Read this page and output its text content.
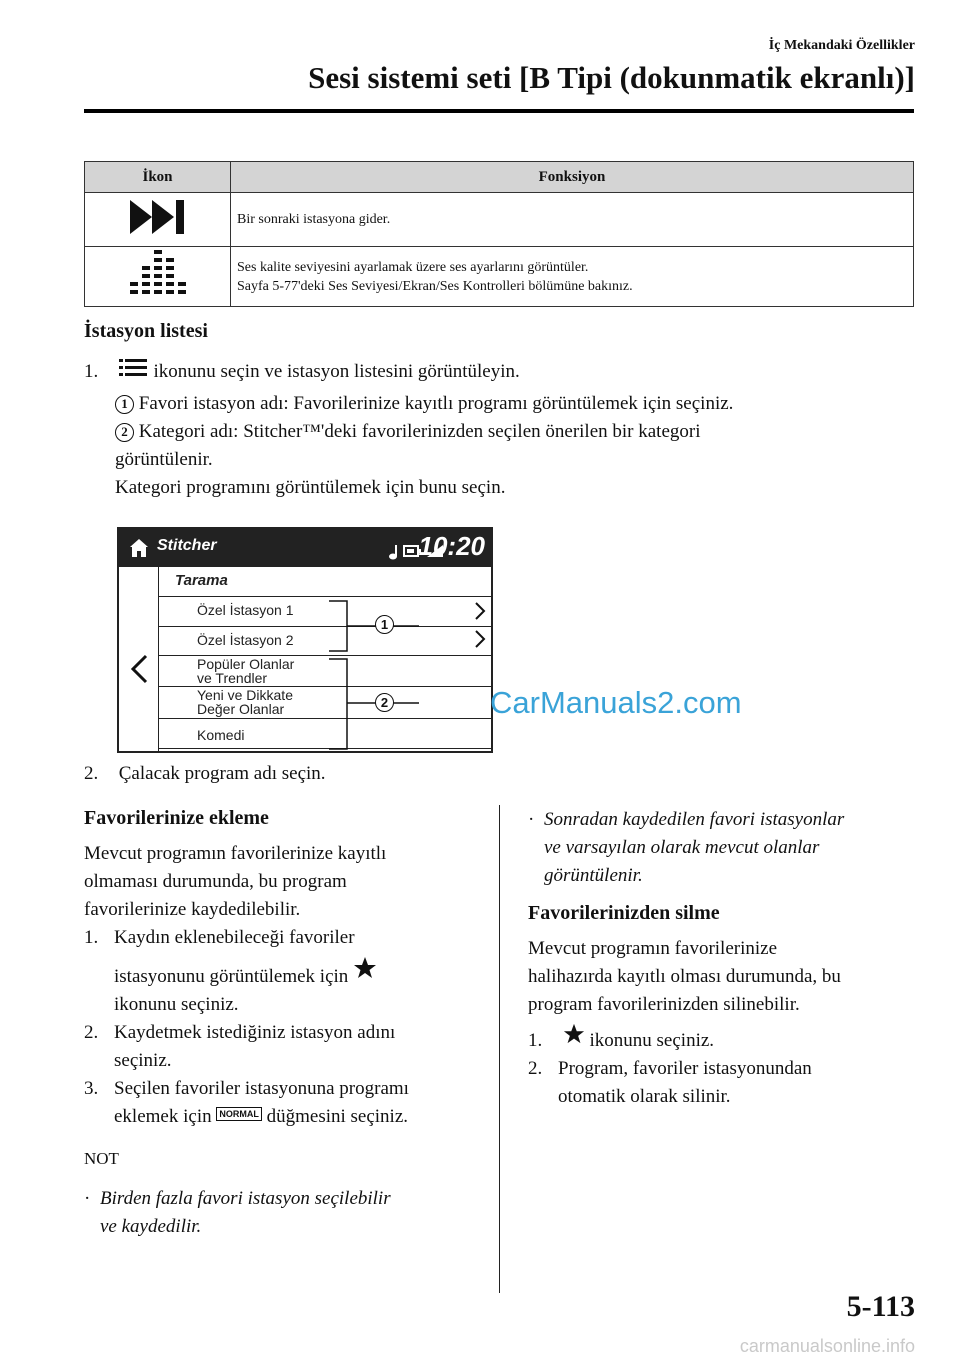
İç Mekandaki Özellikler
Sesi sistemi seti [B Tipi (dokunmatik ekranlı)]
İkon	Fonksiyon
	Bir sonraki istasyona gider.

Ses kalite seviyesini ayarlamak üzere ses ayarlarını görüntüler.
Sayfa 5-77'deki Ses Seviyesi/Ekran/Ses Kontrolleri bölümüne bakınız.
İstasyon listesi
1.	ikonunu seçin ve istasyon listesini görüntüleyin.
1 Favori istasyon adı: Favorilerinize kayıtlı programı görüntülemek için seçiniz.
2 Kategori adı: Stitcher™'deki favorilerinizden seçilen önerilen bir kategori
görüntülenir.
Kategori programını görüntülemek için bunu seçin.
Stitcher	10:20
Tarama
Özel İstasyon 1
Özel İstasyon 2
Popüler Olanlar
ve Trendler
Yeni ve Dikkate
Değer Olanlar
Komedi
1
2	CarManuals2.com
2. Çalacak program adı seçin.
Favorilerinize ekleme
Mevcut programın favorilerinize kayıtlı
olmaması durumunda, bu program
favorilerinize kaydedilebilir.
1. Kaydın eklenebileceği favoriler
istasyonunu görüntülemek için
ikonunu seçiniz.
2. Kaydetmek istediğiniz istasyon adını
seçiniz.
3. Seçilen favoriler istasyonuna programı
eklemek için NORMAL düğmesini seçiniz.
NOT
· Birden fazla favori istasyon seçilebilir
ve kaydedilir.
· Sonradan kaydedilen favori istasyonlar
ve varsayılan olarak mevcut olanlar
görüntülenir.
Favorilerinizden silme
Mevcut programın favorilerinize
halihazırda kayıtlı olması durumunda, bu
program favorilerinizden silinebilir.
1. ikonunu seçiniz.
2. Program, favoriler istasyonundan
otomatik olarak silinir.
5-113
carmanualsonline.info
